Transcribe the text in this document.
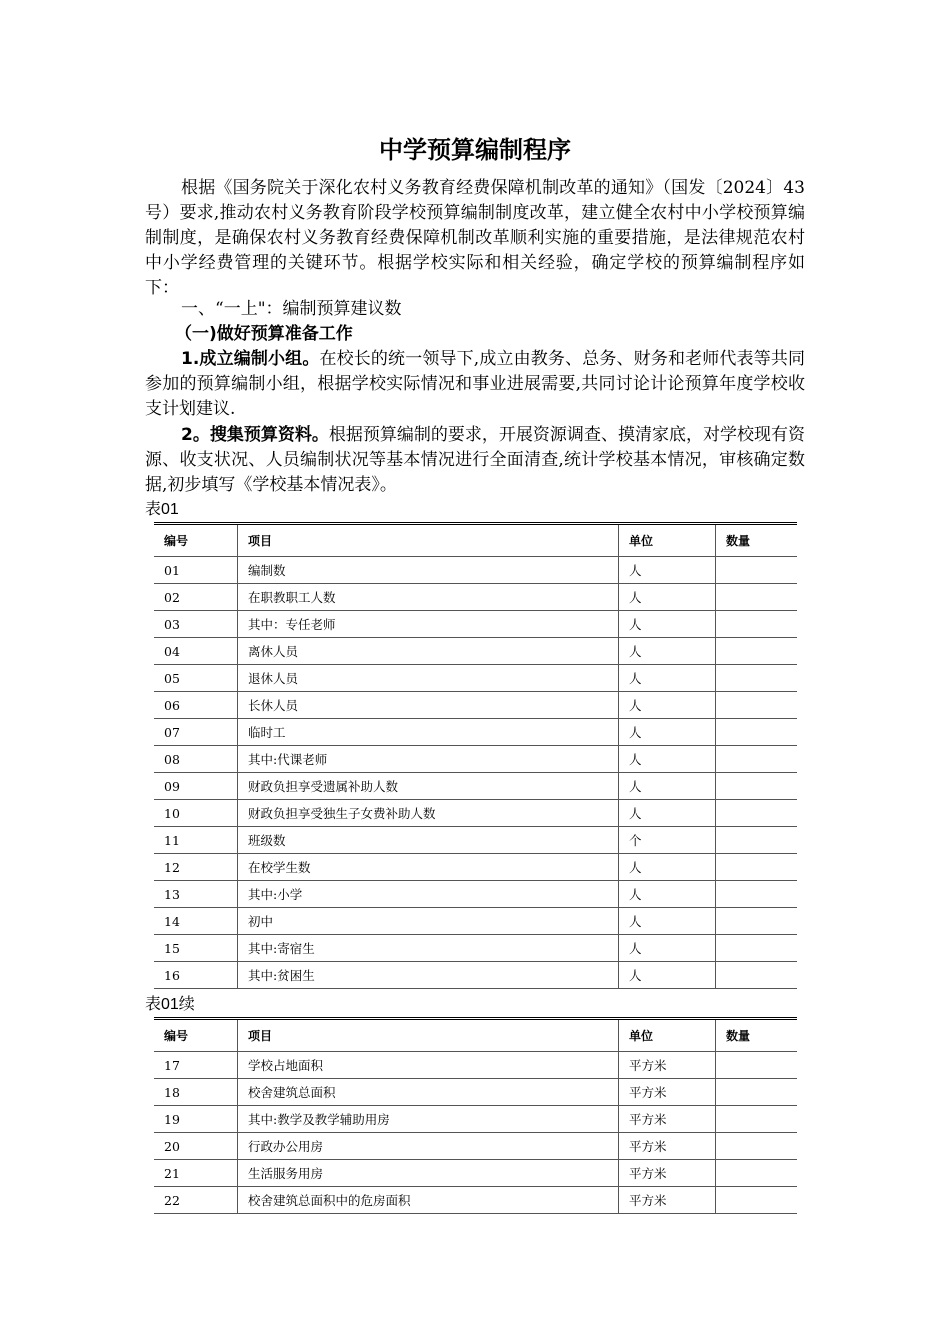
中学预算编制程序

根据《国务院关于深化农村义务教育经费保障机制改革的通知》（国发〔2024〕43号）要求,推动农村义务教育阶段学校预算编制制度改革，建立健全农村中小学校预算编制制度，是确保农村义务教育经费保障机制改革顺利实施的重要措施，是法律规范农村中小学经费管理的关键环节。根据学校实际和相关经验，确定学校的预算编制程序如下：

一、“一上"：编制预算建议数

（一)做好预算准备工作

1.成立编制小组。在校长的统一领导下,成立由教务、总务、财务和老师代表等共同参加的预算编制小组，根据学校实际情况和事业进展需要,共同讨论计论预算年度学校收支计划建议.

2。搜集预算资料。根据预算编制的要求，开展资源调查、摸清家底，对学校现有资源、收支状况、人员编制状况等基本情况进行全面清查,统计学校基本情况，审核确定数据,初步填写《学校基本情况表》。

表01
编号	项目	单位	数量
01	编制数	人	
02	在职教职工人数	人	
03	其中：专任老师	人	
04	离休人员	人	
05	退休人员	人	
06	长休人员	人	
07	临时工	人	
08	其中:代课老师	人	
09	财政负担享受遗属补助人数	人	
10	财政负担享受独生子女费补助人数	人	
11	班级数	个	
12	在校学生数	人	
13	其中:小学	人	
14	初中	人	
15	其中:寄宿生	人	
16	其中:贫困生	人	
表01续
编号	项目	单位	数量
17	学校占地面积	平方米	
18	校舍建筑总面积	平方米	
19	其中:教学及教学辅助用房	平方米	
20	行政办公用房	平方米	
21	生活服务用房	平方米	
22	校舍建筑总面积中的危房面积	平方米	
